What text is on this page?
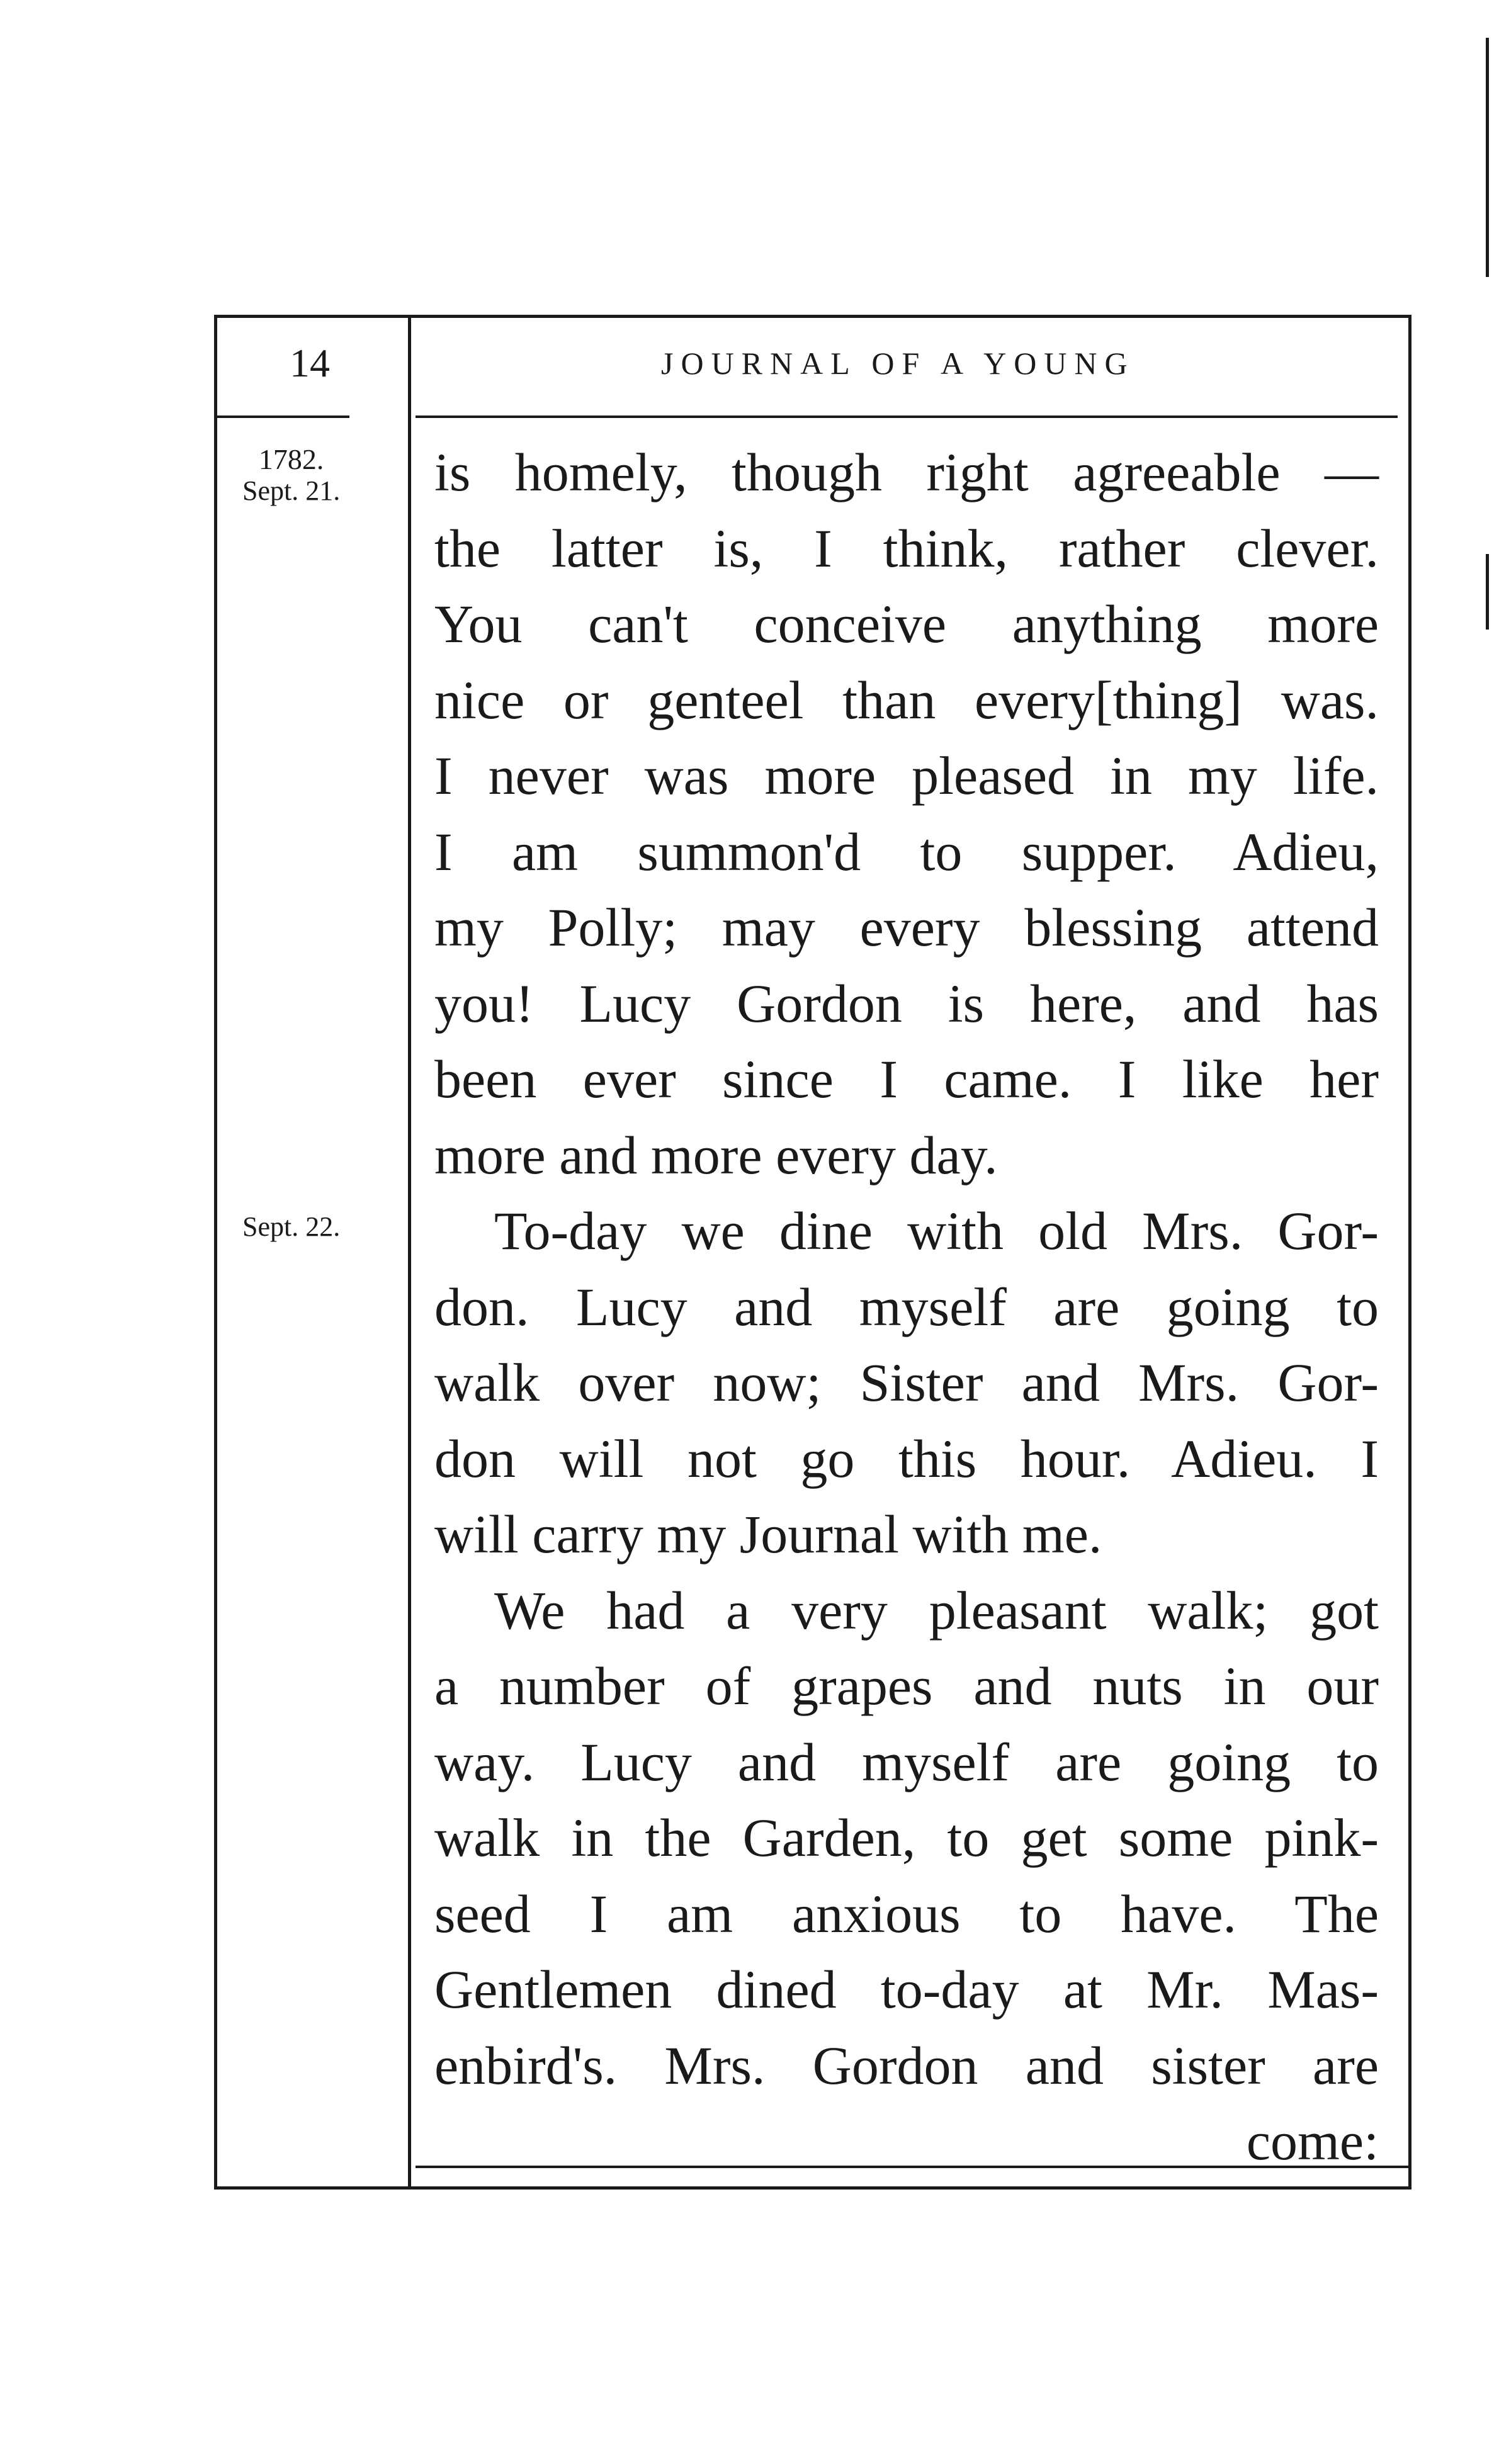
14	JOURNAL OF A YOUNG
1782.
Sept. 21.
Sept. 22.
is homely, though right agreeable —
the latter is, I think, rather clever.
You can't conceive anything more
nice or genteel than every[thing] was.
I never was more pleased in my life.
I am summon'd to supper. Adieu,
my Polly; may every blessing attend
you! Lucy Gordon is here, and has
been ever since I came. I like her
more and more every day.
To-day we dine with old Mrs. Gor-
don. Lucy and myself are going to
walk over now; Sister and Mrs. Gor-
don will not go this hour. Adieu. I
will carry my Journal with me.
We had a very pleasant walk; got
a number of grapes and nuts in our
way. Lucy and myself are going to
walk in the Garden, to get some pink-
seed I am anxious to have. The
Gentlemen dined to-day at Mr. Mas-
enbird's. Mrs. Gordon and sister are
come:
